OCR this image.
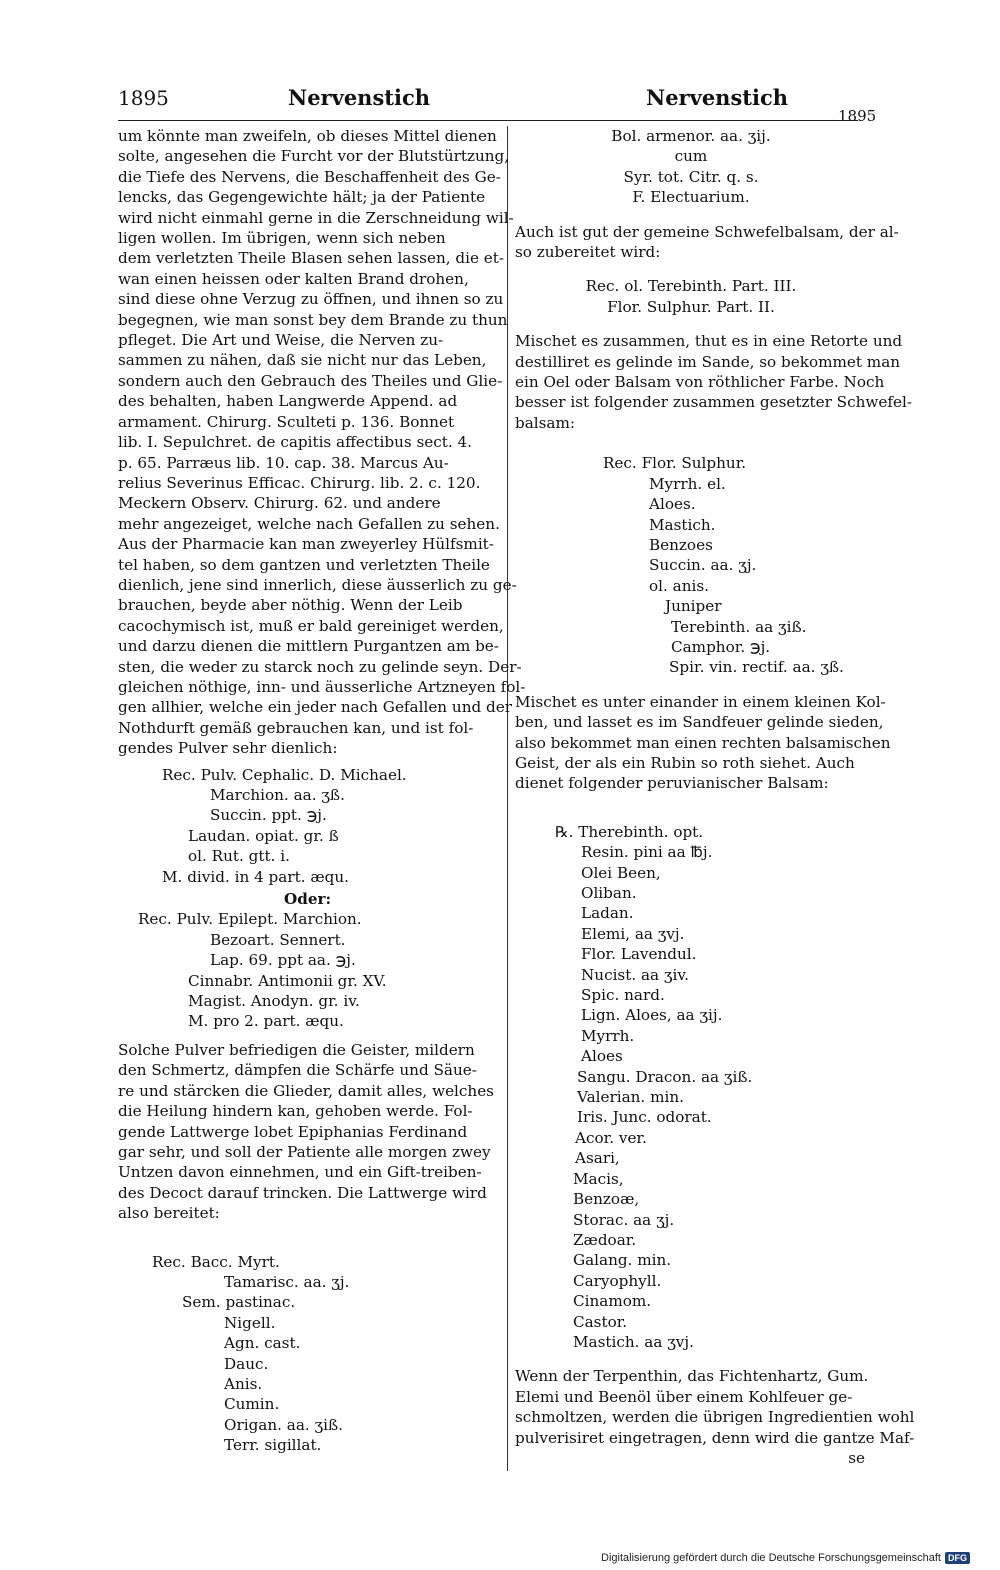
1895	Nervenstich	Nervenstich
1895
um könnte man zweifeln, ob dieses Mittel dienen
solte, angesehen die Furcht vor der Blutstürtzung,
die Tiefe des Nervens, die Beschaffenheit des Ge-
lencks, das Gegengewichte hält; ja der Patiente
wird nicht einmahl gerne in die Zerschneidung wil-
ligen wollen. Im übrigen, wenn sich neben
dem verletzten Theile Blasen sehen lassen, die et-
wan einen heissen oder kalten Brand drohen,
sind diese ohne Verzug zu öffnen, und ihnen so zu
begegnen, wie man sonst bey dem Brande zu thun
pfleget. Die Art und Weise, die Nerven zu-
sammen zu nähen, daß sie nicht nur das Leben,
sondern auch den Gebrauch des Theiles und Glie-
des behalten, haben Langwerde Append. ad
armament. Chirurg. Sculteti p. 136. Bonnet
lib. I. Sepulchret. de capitis affectibus sect. 4.
p. 65. Parræus lib. 10. cap. 38. Marcus Au-
relius Severinus Efficac. Chirurg. lib. 2. c. 120.
Meckern Observ. Chirurg. 62. und andere
mehr angezeiget, welche nach Gefallen zu sehen.
Aus der Pharmacie kan man zweyerley Hülfsmit-
tel haben, so dem gantzen und verletzten Theile
dienlich, jene sind innerlich, diese äusserlich zu ge-
brauchen, beyde aber nöthig. Wenn der Leib
cacochymisch ist, muß er bald gereiniget werden,
und darzu dienen die mittlern Purgantzen am be-
sten, die weder zu starck noch zu gelinde seyn. Der-
gleichen nöthige, inn- und äusserliche Artzneyen fol-
gen allhier, welche ein jeder nach Gefallen und der
Nothdurft gemäß gebrauchen kan, und ist fol-
gendes Pulver sehr dienlich:
Rec. Pulv. Cephalic. D. Michael.
Marchion. aa. ʒß.
Succin. ppt. ℈j.
Laudan. opiat. gr. ß
ol. Rut. gtt. i.
M. divid. in 4 part. æqu.
Oder:
Rec. Pulv. Epilept. Marchion.
Bezoart. Sennert.
Lap. 69. ppt aa. ℈j.
Cinnabr. Antimonii gr. XV.
Magist. Anodyn. gr. iv.
M. pro 2. part. æqu.
Solche Pulver befriedigen die Geister, mildern
den Schmertz, dämpfen die Schärfe und Säue-
re und stärcken die Glieder, damit alles, welches
die Heilung hindern kan, gehoben werde. Fol-
gende Lattwerge lobet Epiphanias Ferdinand
gar sehr, und soll der Patiente alle morgen zwey
Untzen davon einnehmen, und ein Gift-treiben-
des Decoct darauf trincken. Die Lattwerge wird
also bereitet:
Rec. Bacc. Myrt.
Tamarisc. aa. ʒj.
Sem. pastinac.
Nigell.
Agn. cast.
Dauc.
Anis.
Cumin.
Origan. aa. ʒiß.
Terr. sigillat.
Bol. armenor. aa. ʒij.
cum
Syr. tot. Citr. q. s.
F. Electuarium.
Auch ist gut der gemeine Schwefelbalsam, der al-
so zubereitet wird:
Rec. ol. Terebinth. Part. III.
Flor. Sulphur. Part. II.
Mischet es zusammen, thut es in eine Retorte und
destilliret es gelinde im Sande, so bekommet man
ein Oel oder Balsam von röthlicher Farbe. Noch
besser ist folgender zusammen gesetzter Schwefel-
balsam:
Rec. Flor. Sulphur.
Myrrh. el.
Aloes.
Mastich.
Benzoes
Succin. aa. ʒj.
ol. anis.
Juniper
Terebinth. aa ʒiß.
Camphor. ℈j.
Spir. vin. rectif. aa. ʒß.
Mischet es unter einander in einem kleinen Kol-
ben, und lasset es im Sandfeuer gelinde sieden,
also bekommet man einen rechten balsamischen
Geist, der als ein Rubin so roth siehet. Auch
dienet folgender peruvianischer Balsam:
℞. Therebinth. opt.
Resin. pini aa ℔j.
Olei Been,
Oliban.
Ladan.
Elemi, aa ʒvj.
Flor. Lavendul.
Nucist. aa ʒiv.
Spic. nard.
Lign. Aloes, aa ʒij.
Myrrh.
Aloes
Sangu. Dracon. aa ʒiß.
Valerian. min.
Iris. Junc. odorat.
Acor. ver.
Asari,
Macis,
Benzoæ,
Storac. aa ʒj.
Zædoar.
Galang. min.
Caryophyll.
Cinamom.
Castor.
Mastich. aa ʒvj.
Wenn der Terpenthin, das Fichtenhartz, Gum.
Elemi und Beenöl über einem Kohlfeuer ge-
schmoltzen, werden die übrigen Ingredientien wohl
pulverisiret eingetragen, denn wird die gantze Maf-
se
Digitalisierung gefördert durch die Deutsche Forschungsgemeinschaft DFG
